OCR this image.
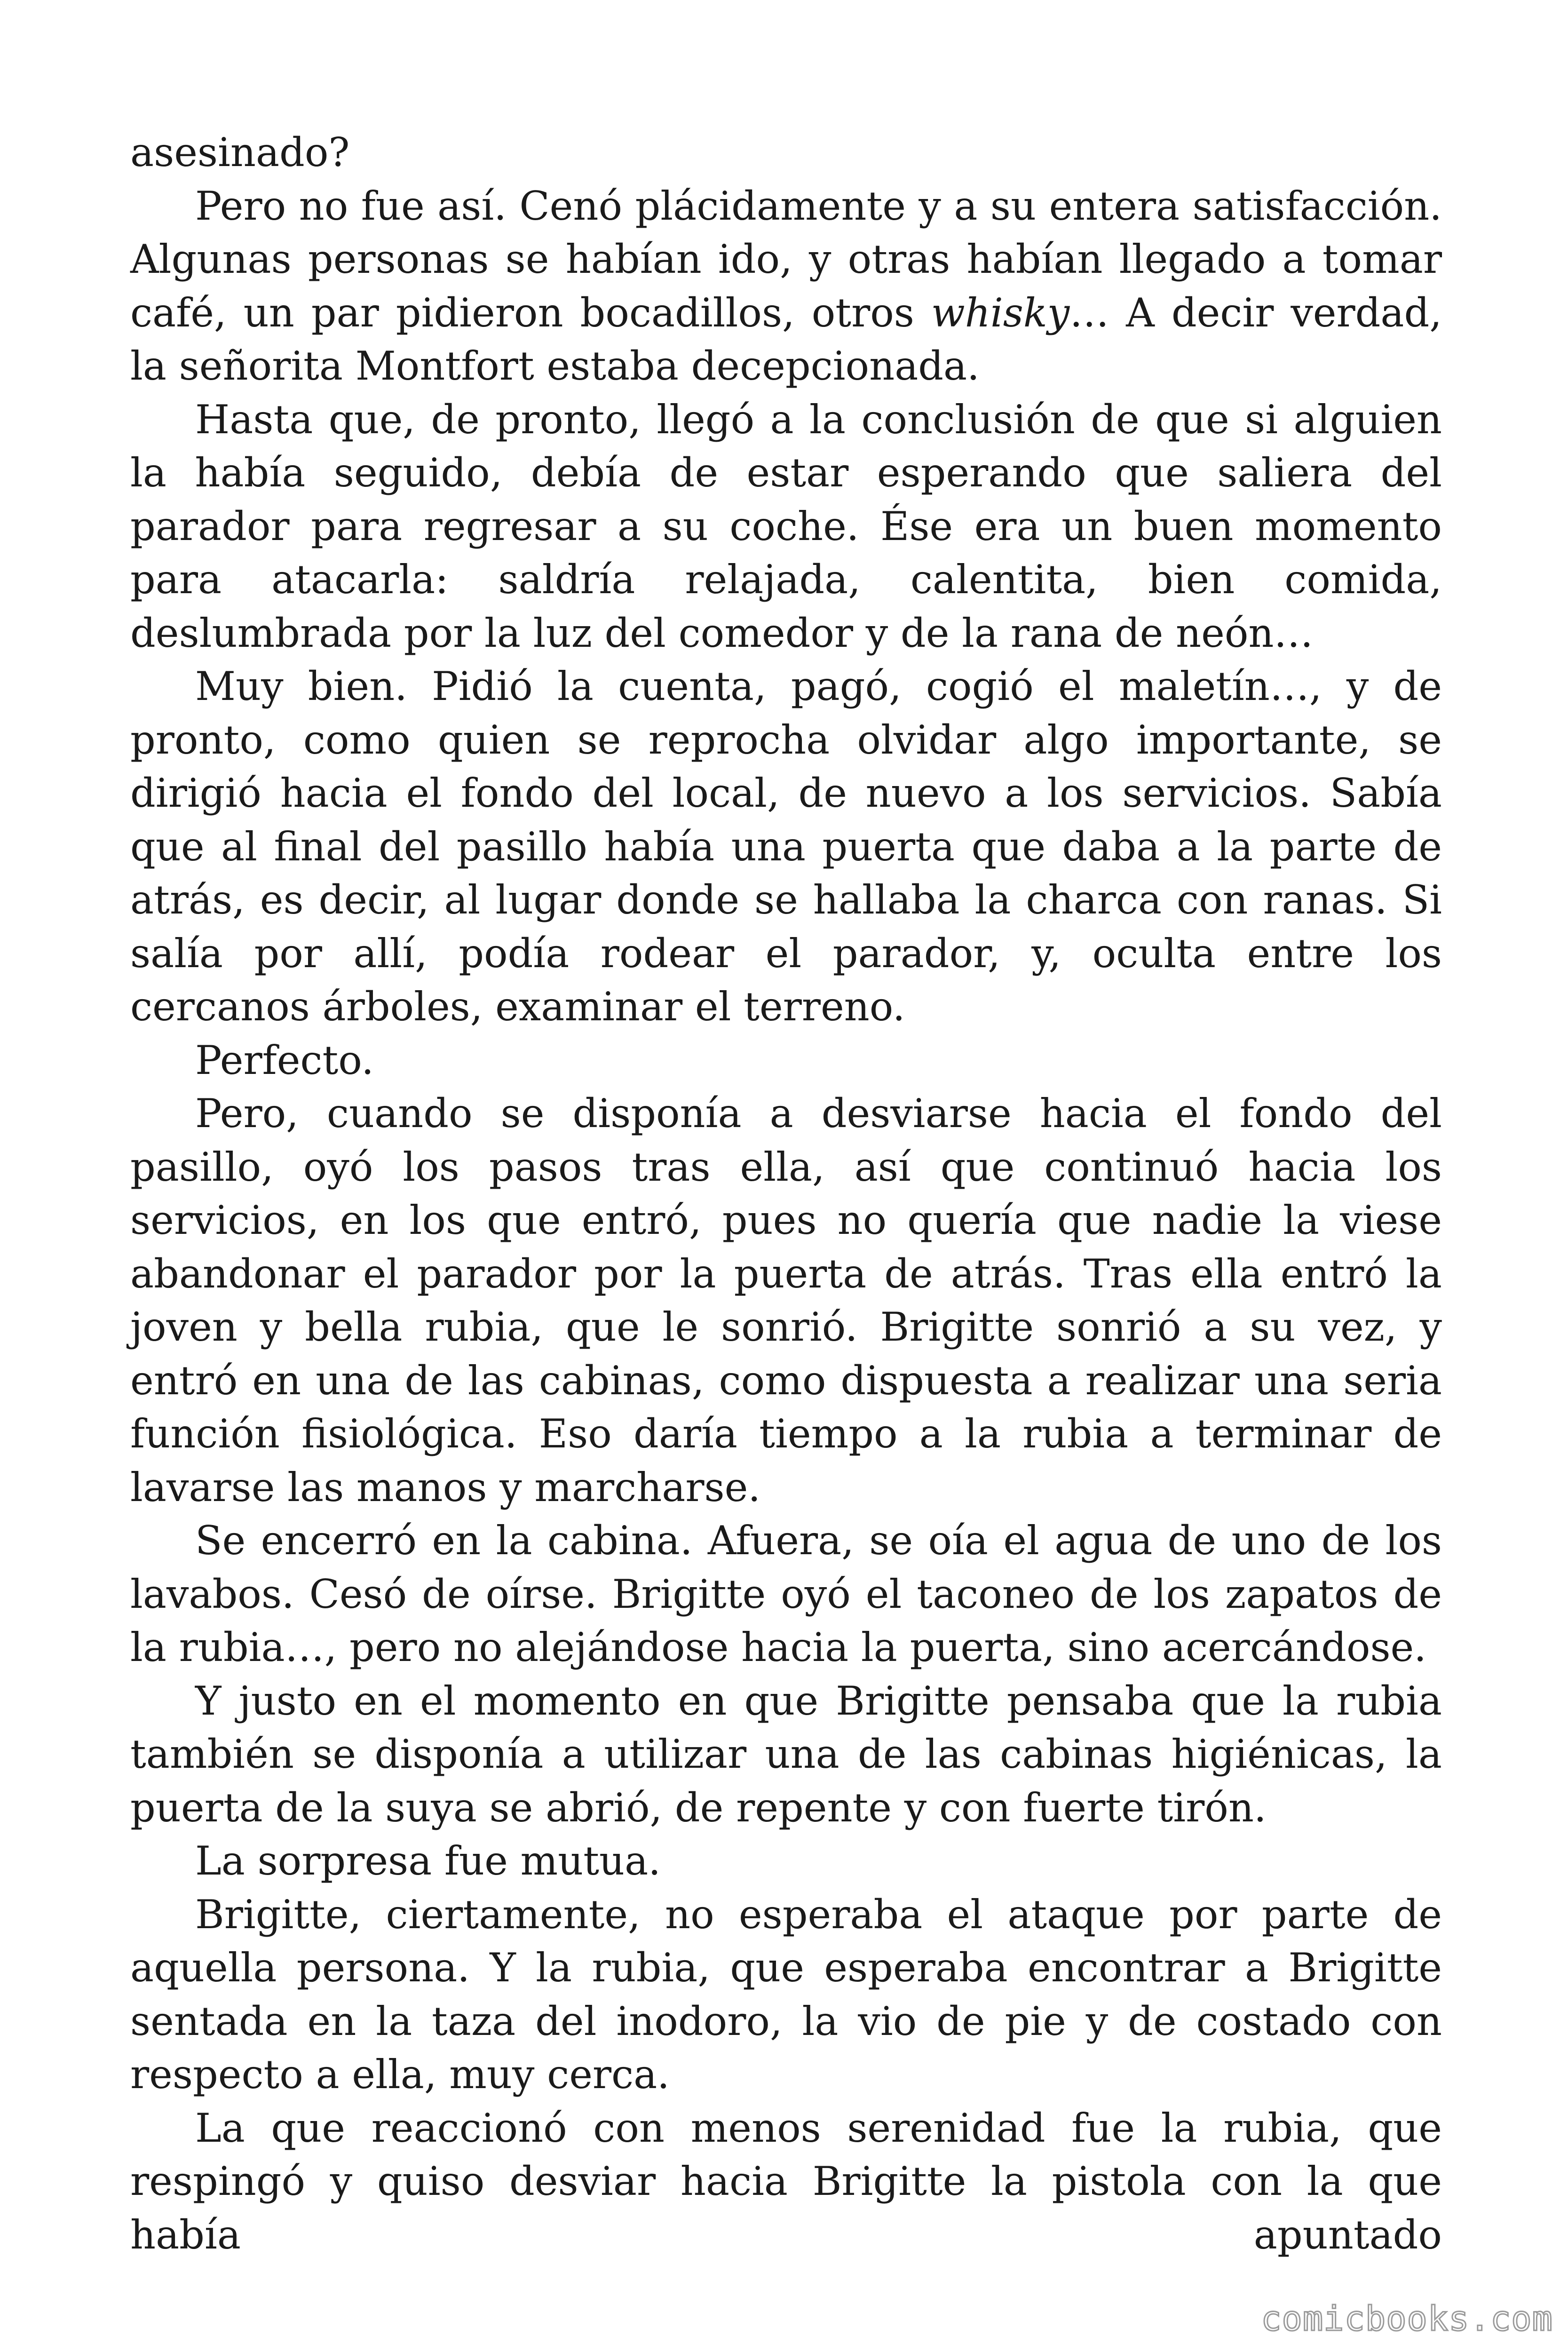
asesinado?

Pero no fue así. Cenó plácidamente y a su entera satisfacción. Algunas personas se habían ido, y otras habían llegado a tomar café, un par pidieron bocadillos, otros whisky… A decir verdad, la señorita Montfort estaba decepcionada.

Hasta que, de pronto, llegó a la conclusión de que si alguien la había seguido, debía de estar esperando que saliera del parador para regresar a su coche. Ése era un buen momento para atacarla: saldría relajada, calentita, bien comida, deslumbrada por la luz del comedor y de la rana de neón…

Muy bien. Pidió la cuenta, pagó, cogió el maletín…, y de pronto, como quien se reprocha olvidar algo importante, se dirigió hacia el fondo del local, de nuevo a los servicios. Sabía que al final del pasillo había una puerta que daba a la parte de atrás, es decir, al lugar donde se hallaba la charca con ranas. Si salía por allí, podía rodear el parador, y, oculta entre los cercanos árboles, examinar el terreno.

Perfecto.

Pero, cuando se disponía a desviarse hacia el fondo del pasillo, oyó los pasos tras ella, así que continuó hacia los servicios, en los que entró, pues no quería que nadie la viese abandonar el parador por la puerta de atrás. Tras ella entró la joven y bella rubia, que le sonrió. Brigitte sonrió a su vez, y entró en una de las cabinas, como dispuesta a realizar una seria función fisiológica. Eso daría tiempo a la rubia a terminar de lavarse las manos y marcharse.

Se encerró en la cabina. Afuera, se oía el agua de uno de los lavabos. Cesó de oírse. Brigitte oyó el taconeo de los zapatos de la rubia…, pero no alejándose hacia la puerta, sino acercándose.

Y justo en el momento en que Brigitte pensaba que la rubia también se disponía a utilizar una de las cabinas higiénicas, la puerta de la suya se abrió, de repente y con fuerte tirón.

La sorpresa fue mutua.

Brigitte, ciertamente, no esperaba el ataque por parte de aquella persona. Y la rubia, que esperaba encontrar a Brigitte sentada en la taza del inodoro, la vio de pie y de costado con respecto a ella, muy cerca.

La que reaccionó con menos serenidad fue la rubia, que respingó y quiso desviar hacia Brigitte la pistola con la que había apuntado

comicbooks.com
